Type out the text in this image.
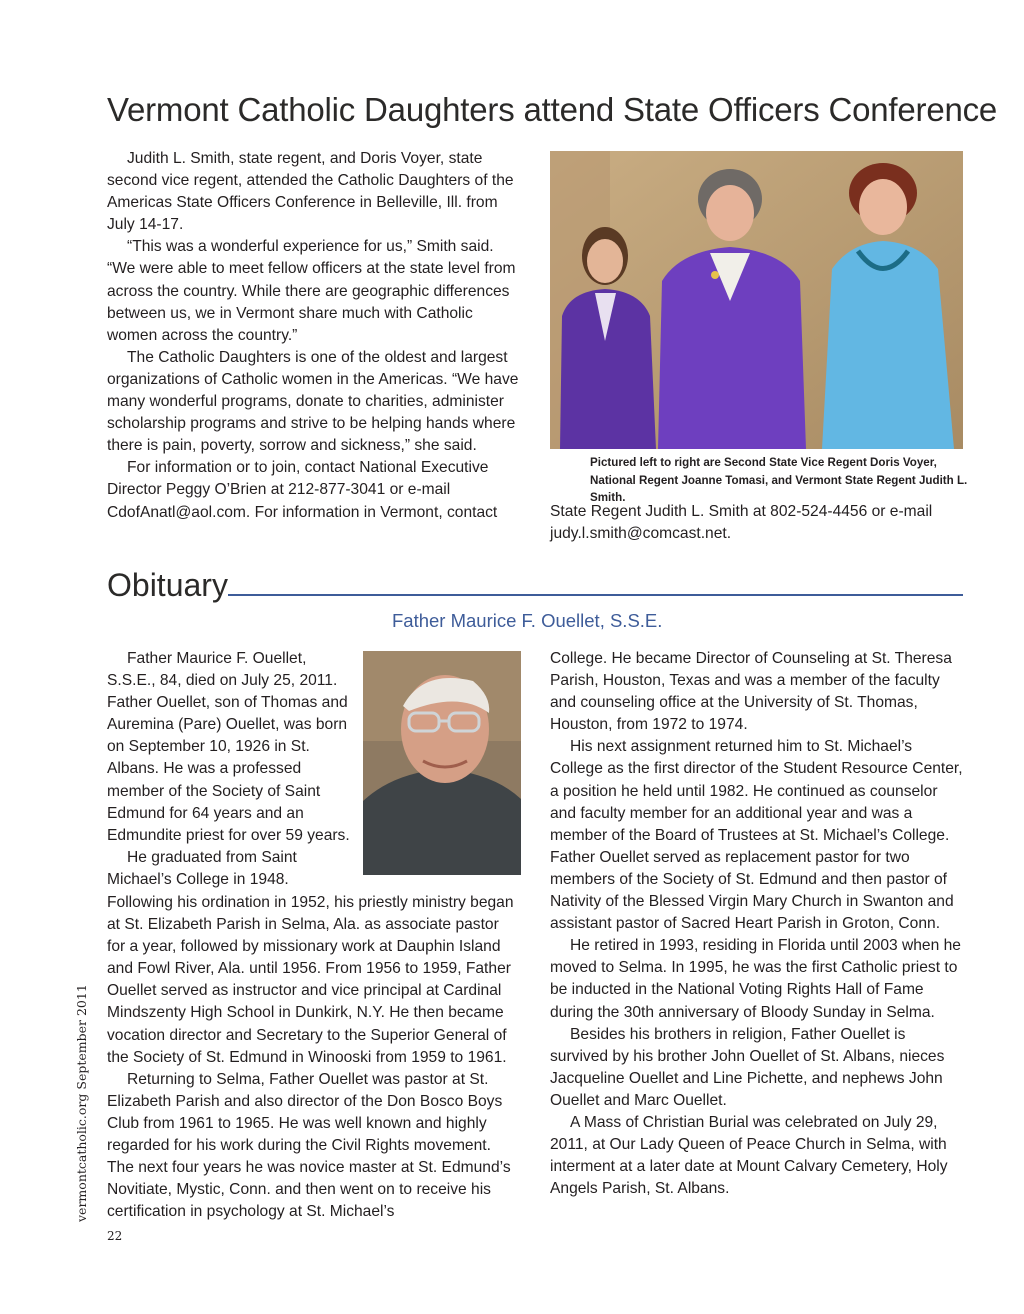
Vermont Catholic Daughters attend State Officers Conference

Judith L. Smith, state regent, and Doris Voyer, state second vice regent, attended the Catholic Daughters of the Americas State Officers Conference in Belleville, Ill. from July 14-17.

“This was a wonderful experience for us,” Smith said. “We were able to meet fellow officers at the state level from across the country. While there are geographic differences between us, we in Vermont share much with Catholic women across the country.”

The Catholic Daughters is one of the oldest and largest organizations of Catholic women in the Americas. “We have many wonderful programs, donate to charities, administer scholarship programs and strive to be helping hands where there is pain, poverty, sorrow and sickness,” she said.

For information or to join, contact National Executive Director Peggy O’Brien at 212-877-3041 or e-mail CdofAnatl@aol.com. For information in Vermont, contact

Pictured left to right are Second State Vice Regent Doris Voyer, National Regent Joanne Tomasi, and Vermont State Regent Judith L. Smith.

State Regent Judith L. Smith at 802-524-4456 or e-mail judy.l.smith@comcast.net.

Obituary
Father Maurice F. Ouellet, S.S.E.

Father Maurice F. Ouellet, S.S.E., 84, died on July 25, 2011. Father Ouellet, son of Thomas and Auremina (Pare) Ouellet, was born on September 10, 1926 in St. Albans. He was a professed member of the Society of Saint Edmund for 64 years and an Edmundite priest for over 59 years.

He graduated from Saint Michael’s College in 1948.

Following his ordination in 1952, his priestly ministry began at St. Elizabeth Parish in Selma, Ala. as associate pastor for a year, followed by missionary work at Dauphin Island and Fowl River, Ala. until 1956. From 1956 to 1959, Father Ouellet served as instructor and vice principal at Cardinal Mindszenty High School in Dunkirk, N.Y. He then became vocation director and Secretary to the Superior General of the Society of St. Edmund in Winooski from 1959 to 1961.

Returning to Selma, Father Ouellet was pastor at St. Elizabeth Parish and also director of the Don Bosco Boys Club from 1961 to 1965. He was well known and highly regarded for his work during the Civil Rights movement. The next four years he was novice master at St. Edmund’s Novitiate, Mystic, Conn. and then went on to receive his certification in psychology at St. Michael’s

College. He became Director of Counseling at St. Theresa Parish, Houston, Texas and was a member of the faculty and counseling office at the University of St. Thomas, Houston, from 1972 to 1974.

His next assignment returned him to St. Michael’s College as the first director of the Student Resource Center, a position he held until 1982. He continued as counselor and faculty member for an additional year and was a member of the Board of Trustees at St. Michael’s College. Father Ouellet served as replacement pastor for two members of the Society of St. Edmund and then pastor of Nativity of the Blessed Virgin Mary Church in Swanton and assistant pastor of Sacred Heart Parish in Groton, Conn.

He retired in 1993, residing in Florida until 2003 when he moved to Selma. In 1995, he was the first Catholic priest to be inducted in the National Voting Rights Hall of Fame during the 30th anniversary of Bloody Sunday in Selma.

Besides his brothers in religion, Father Ouellet is survived by his brother John Ouellet of St. Albans, nieces Jacqueline Ouellet and Line Pichette, and nephews John Ouellet and Marc Ouellet.

A Mass of Christian Burial was celebrated on July 29, 2011, at Our Lady Queen of Peace Church in Selma, with interment at a later date at Mount Calvary Cemetery, Holy Angels Parish, St. Albans.

vermontcatholic.org September 2011
22
